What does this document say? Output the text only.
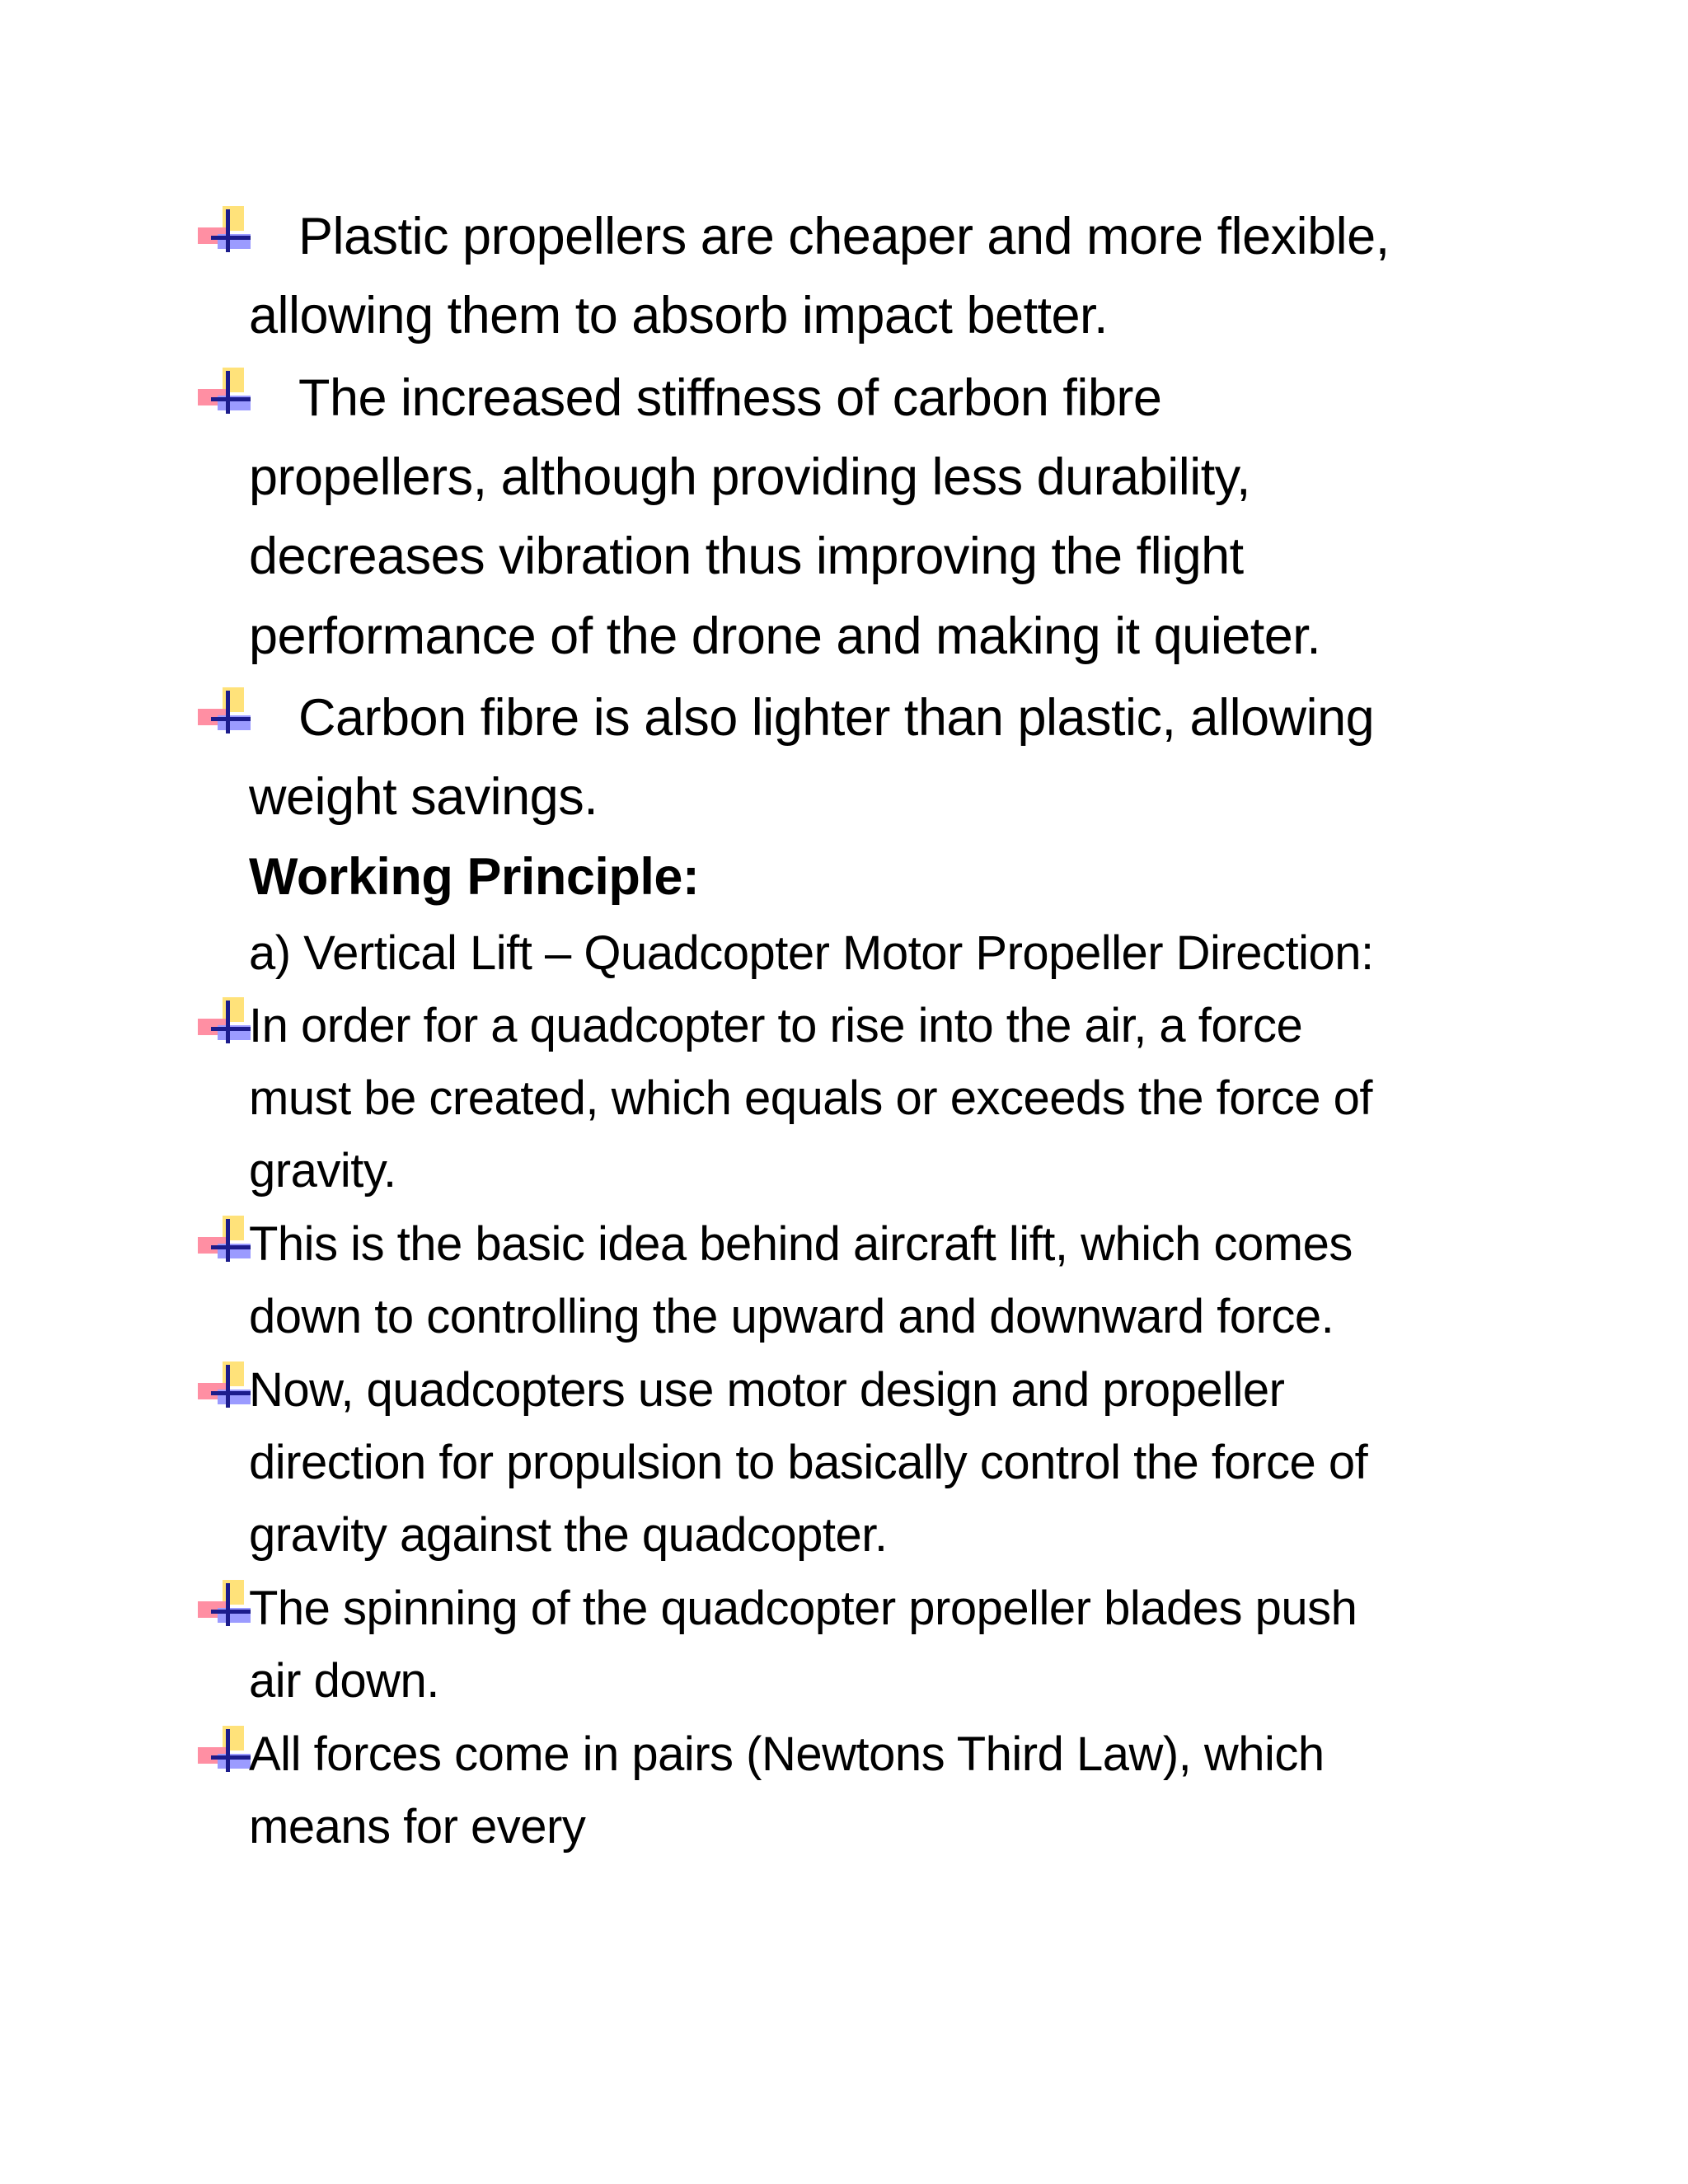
Plastic propellers are cheaper and more flexible,
allowing them to absorb impact better.
The increased stiffness of carbon fibre
propellers, although providing less durability,
decreases vibration thus improving the flight
performance of the drone and making it quieter.
Carbon fibre is also lighter than plastic, allowing
weight savings.
Working Principle:
a) Vertical Lift – Quadcopter Motor Propeller Direction:
In order for a quadcopter to rise into the air, a force
must be created, which equals or exceeds the force of
gravity.
This is the basic idea behind aircraft lift, which comes
down to controlling the upward and downward force.
Now, quadcopters use motor design and propeller
direction for propulsion to basically control the force of
gravity against the quadcopter.
The spinning of the quadcopter propeller blades push
air down.
All forces come in pairs (Newtons Third Law), which
means for every
